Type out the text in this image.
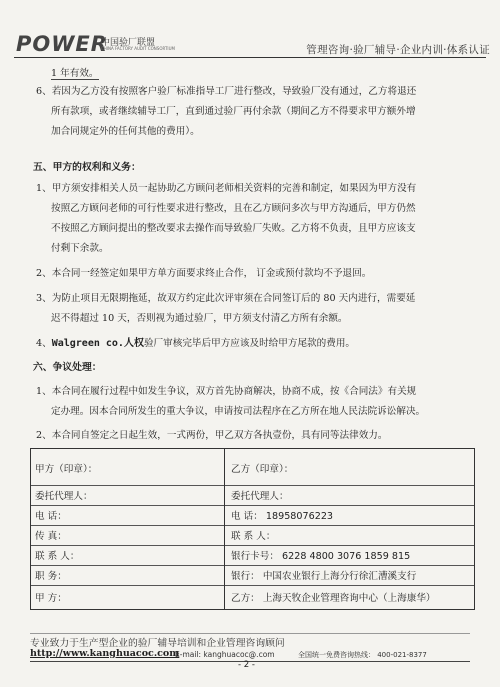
POWER
中国验厂联盟
CHINA FACTORY AUDIT CONSORTIUM	管理咨询·验厂辅导·企业内训·体系认证
1 年有效。
6、若因为乙方没有按照客户验厂标准指导工厂进行整改，导致验厂没有通过，乙方将退还
所有款项，或者继续辅导工厂，直到通过验厂再付余款（期间乙方不得要求甲方额外增
加合同规定外的任何其他的费用）。
五、甲方的权利和义务：
1、甲方须安排相关人员一起协助乙方顾问老师相关资料的完善和制定，如果因为甲方没有
按照乙方顾问老师的可行性要求进行整改，且在乙方顾问多次与甲方沟通后，甲方仍然
不按照乙方顾问提出的整改要求去操作而导致验厂失败。乙方将不负责，且甲方应该支
付剩下余款。
2、本合同一经签定如果甲方单方面要求终止合作， 订金或预付款均不予退回。
3、为防止项目无限期拖延，故双方约定此次评审须在合同签订后的 80 天内进行，需要延
迟不得超过 10 天，否则视为通过验厂，甲方须支付清乙方所有余额。
4、Walgreen co.人权验厂审核完毕后甲方应该及时给甲方尾款的费用。
六、争议处理：
1、本合同在履行过程中如发生争议，双方首先协商解决，协商不成，按《合同法》有关规
定办理。因本合同所发生的重大争议，申请按司法程序在乙方所在地人民法院诉讼解决。
2、本合同自签定之日起生效，一式两份，甲乙双方各执壹份，具有同等法律效力。
甲方（印章）：	乙方（印章）：
委托代理人：	委托代理人：
电 话：	电 话： 18958076223
传 真：	联 系 人：
联 系 人：	银行卡号： 6228 4800 3076 1859 815
职 务：	银行： 中国农业银行上海分行徐汇漕溪支行
甲 方：	乙方： 上海天牧企业管理咨询中心（上海康华）
专业致力于生产型企业的验厂辅导培训和企业管理咨询顾问
http://www.kanghuacoc.com
E-mail: kanghuacoc@.com	全国统一免费咨询热线： 400-021-8377
- 2 -
